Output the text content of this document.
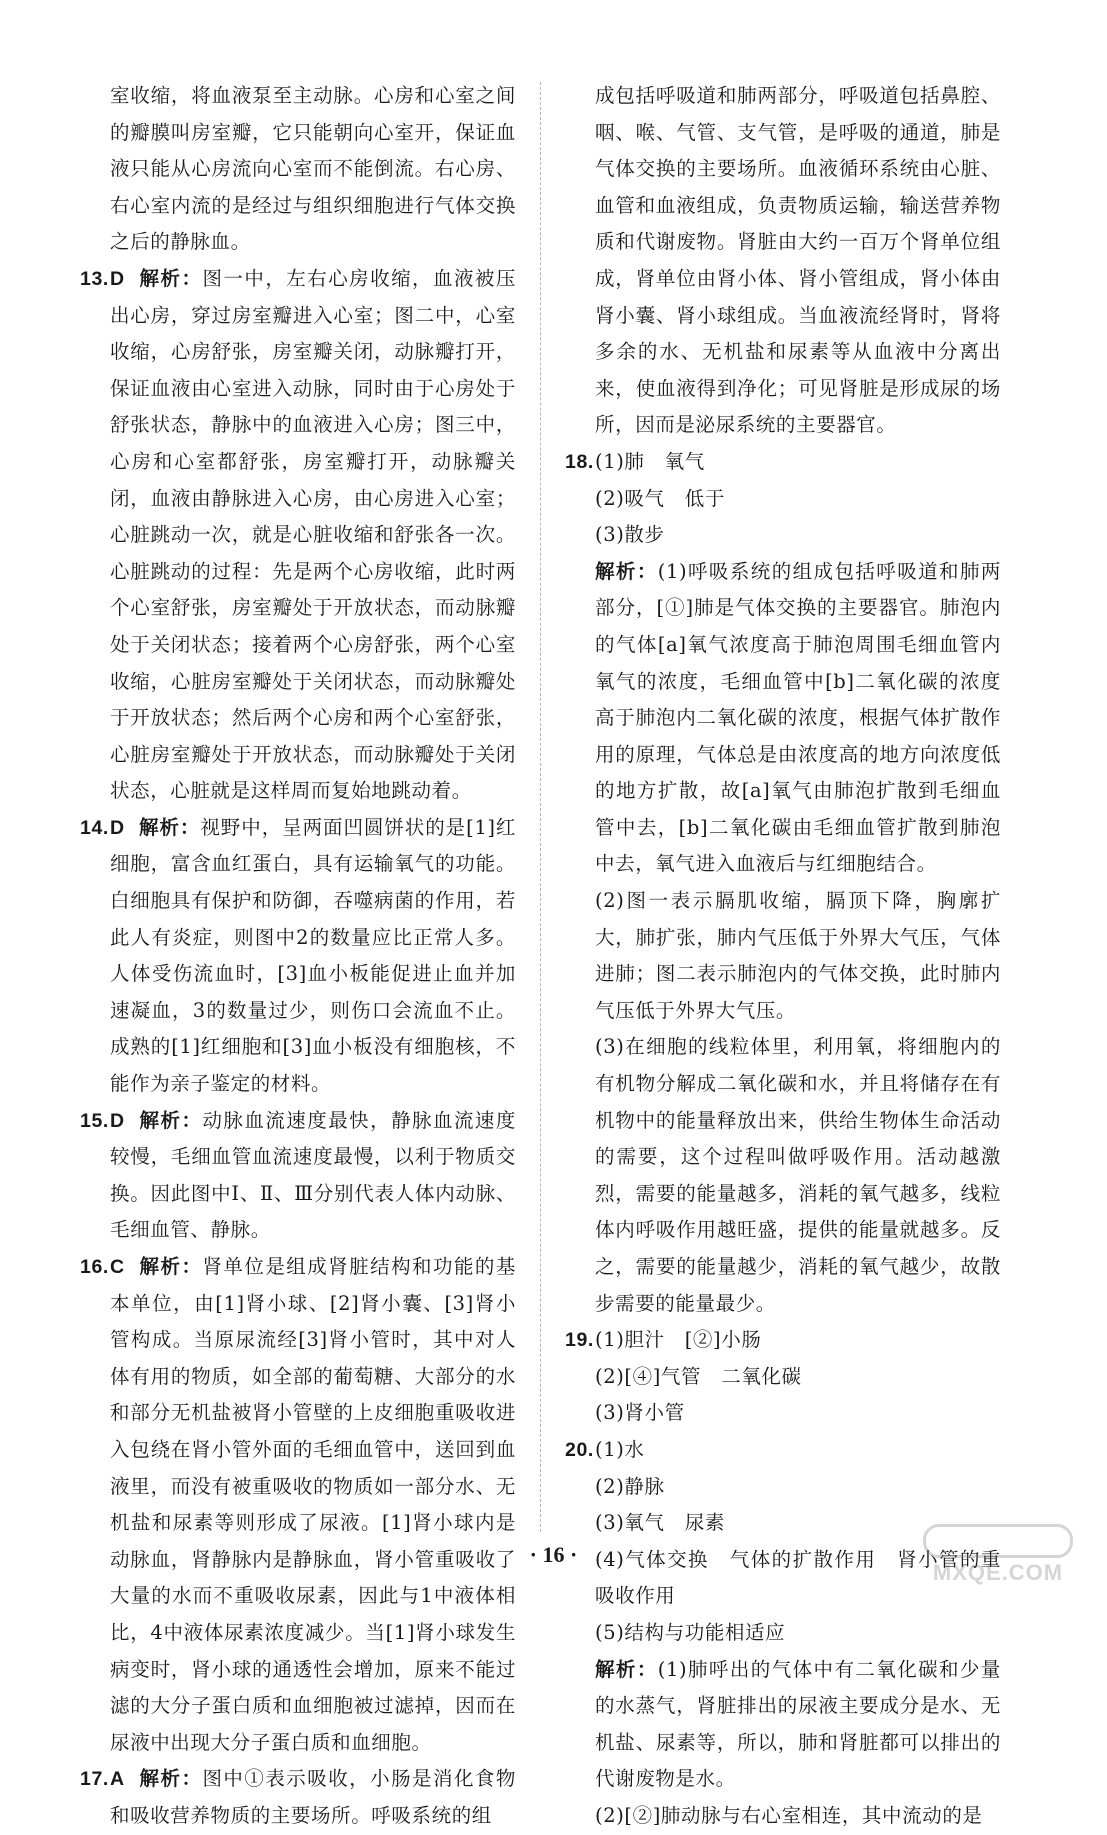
室收缩，将血液泵至主动脉。心房和心室之间的瓣膜叫房室瓣，它只能朝向心室开，保证血液只能从心房流向心室而不能倒流。右心房、右心室内流的是经过与组织细胞进行气体交换之后的静脉血。

13. D 解析：图一中，左右心房收缩，血液被压出心房，穿过房室瓣进入心室；图二中，心室收缩，心房舒张，房室瓣关闭，动脉瓣打开，保证血液由心室进入动脉，同时由于心房处于舒张状态，静脉中的血液进入心房；图三中，心房和心室都舒张，房室瓣打开，动脉瓣关闭，血液由静脉进入心房，由心房进入心室；心脏跳动一次，就是心脏收缩和舒张各一次。心脏跳动的过程：先是两个心房收缩，此时两个心室舒张，房室瓣处于开放状态，而动脉瓣处于关闭状态；接着两个心房舒张，两个心室收缩，心脏房室瓣处于关闭状态，而动脉瓣处于开放状态；然后两个心房和两个心室舒张，心脏房室瓣处于开放状态，而动脉瓣处于关闭状态，心脏就是这样周而复始地跳动着。
14. D 解析：视野中，呈两面凹圆饼状的是[1]红细胞，富含血红蛋白，具有运输氧气的功能。白细胞具有保护和防御，吞噬病菌的作用，若此人有炎症，则图中2的数量应比正常人多。人体受伤流血时，[3]血小板能促进止血并加速凝血，3的数量过少，则伤口会流血不止。成熟的[1]红细胞和[3]血小板没有细胞核，不能作为亲子鉴定的材料。
15. D 解析：动脉血流速度最快，静脉血流速度较慢，毛细血管血流速度最慢，以利于物质交换。因此图中Ⅰ、Ⅱ、Ⅲ分别代表人体内动脉、毛细血管、静脉。
16. C 解析：肾单位是组成肾脏结构和功能的基本单位，由[1]肾小球、[2]肾小囊、[3]肾小管构成。当原尿流经[3]肾小管时，其中对人体有用的物质，如全部的葡萄糖、大部分的水和部分无机盐被肾小管壁的上皮细胞重吸收进入包绕在肾小管外面的毛细血管中，送回到血液里，而没有被重吸收的物质如一部分水、无机盐和尿素等则形成了尿液。[1]肾小球内是动脉血，肾静脉内是静脉血，肾小管重吸收了大量的水而不重吸收尿素，因此与1中液体相比，4中液体尿素浓度减少。当[1]肾小球发生病变时，肾小球的通透性会增加，原来不能过滤的大分子蛋白质和血细胞被过滤掉，因而在尿液中出现大分子蛋白质和血细胞。
17. A 解析：图中①表示吸收，小肠是消化食物和吸收营养物质的主要场所。呼吸系统的组

成包括呼吸道和肺两部分，呼吸道包括鼻腔、咽、喉、气管、支气管，是呼吸的通道，肺是气体交换的主要场所。血液循环系统由心脏、血管和血液组成，负责物质运输，输送营养物质和代谢废物。肾脏由大约一百万个肾单位组成，肾单位由肾小体、肾小管组成，肾小体由肾小囊、肾小球组成。当血液流经肾时，肾将多余的水、无机盐和尿素等从血液中分离出来，使血液得到净化；可见肾脏是形成尿的场所，因而是泌尿系统的主要器官。

18. (1)肺　氧气
(2)吸气　低于
(3)散步
解析：(1)呼吸系统的组成包括呼吸道和肺两部分，[①]肺是气体交换的主要器官。肺泡内的气体[a]氧气浓度高于肺泡周围毛细血管内氧气的浓度，毛细血管中[b]二氧化碳的浓度高于肺泡内二氧化碳的浓度，根据气体扩散作用的原理，气体总是由浓度高的地方向浓度低的地方扩散，故[a]氧气由肺泡扩散到毛细血管中去，[b]二氧化碳由毛细血管扩散到肺泡中去，氧气进入血液后与红细胞结合。
(2)图一表示膈肌收缩，膈顶下降，胸廓扩大，肺扩张，肺内气压低于外界大气压，气体进肺；图二表示肺泡内的气体交换，此时肺内气压低于外界大气压。
(3)在细胞的线粒体里，利用氧，将细胞内的有机物分解成二氧化碳和水，并且将储存在有机物中的能量释放出来，供给生物体生命活动的需要，这个过程叫做呼吸作用。活动越激烈，需要的能量越多，消耗的氧气越多，线粒体内呼吸作用越旺盛，提供的能量就越多。反之，需要的能量越少，消耗的氧气越少，故散步需要的能量最少。
19. (1)胆汁　[②]小肠
(2)[④]气管　二氧化碳
(3)肾小管
20. (1)水
(2)静脉
(3)氧气　尿素
(4)气体交换　气体的扩散作用　肾小管的重吸收作用
(5)结构与功能相适应
解析：(1)肺呼出的气体中有二氧化碳和少量的水蒸气，肾脏排出的尿液主要成分是水、无机盐、尿素等，所以，肺和肾脏都可以排出的代谢废物是水。
(2)[②]肺动脉与右心室相连，其中流动的是
· 16 ·
MXQE.COM
